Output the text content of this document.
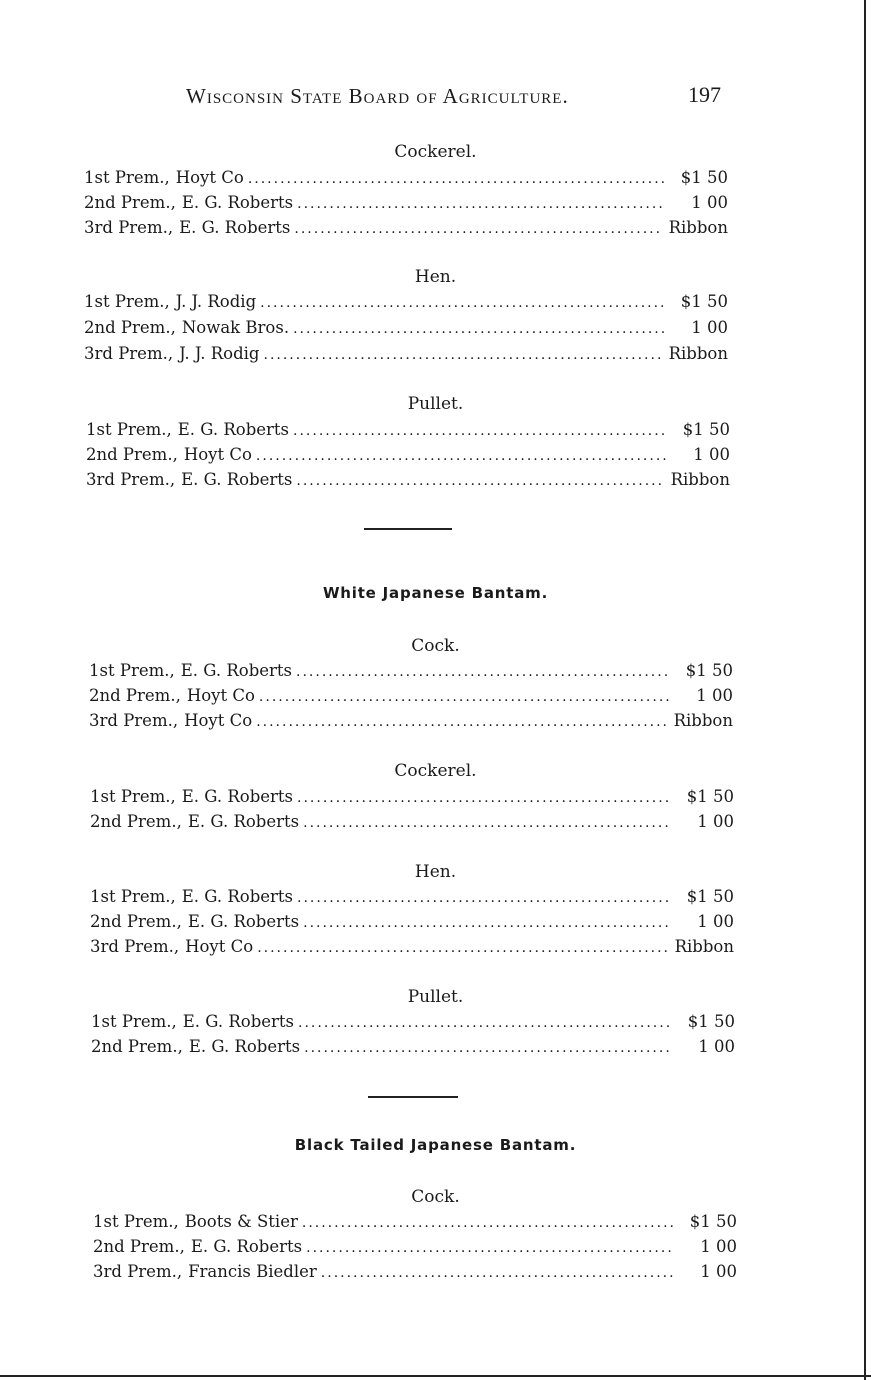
Wisconsin State Board of Agriculture.	197
Cockerel.
1st Prem., Hoyt Co .....	$1 50
2nd Prem., E. G. Roberts .....	1 00
3rd Prem., E. G. Roberts .....	Ribbon
Hen.
1st Prem., J. J. Rodig .....	$1 50
2nd Prem., Nowak Bros. .....	1 00
3rd Prem., J. J. Rodig .....	Ribbon
Pullet.
1st Prem., E. G. Roberts .....	$1 50
2nd Prem., Hoyt Co .....	1 00
3rd Prem., E. G. Roberts .....	Ribbon
White Japanese Bantam.
Cock.
1st Prem., E. G. Roberts .....	$1 50
2nd Prem., Hoyt Co .....	1 00
3rd Prem., Hoyt Co .....	Ribbon
Cockerel.
1st Prem., E. G. Roberts .....	$1 50
2nd Prem., E. G. Roberts .....	1 00
Hen.
1st Prem., E. G. Roberts .....	$1 50
2nd Prem., E. G. Roberts .....	1 00
3rd Prem., Hoyt Co .....	Ribbon
Pullet.
1st Prem., E. G. Roberts .....	$1 50
2nd Prem., E. G. Roberts .....	1 00
Black Tailed Japanese Bantam.
Cock.
1st Prem., Boots & Stier .....	$1 50
2nd Prem., E. G. Roberts .....	1 00
3rd Prem., Francis Biedler .....	1 00
